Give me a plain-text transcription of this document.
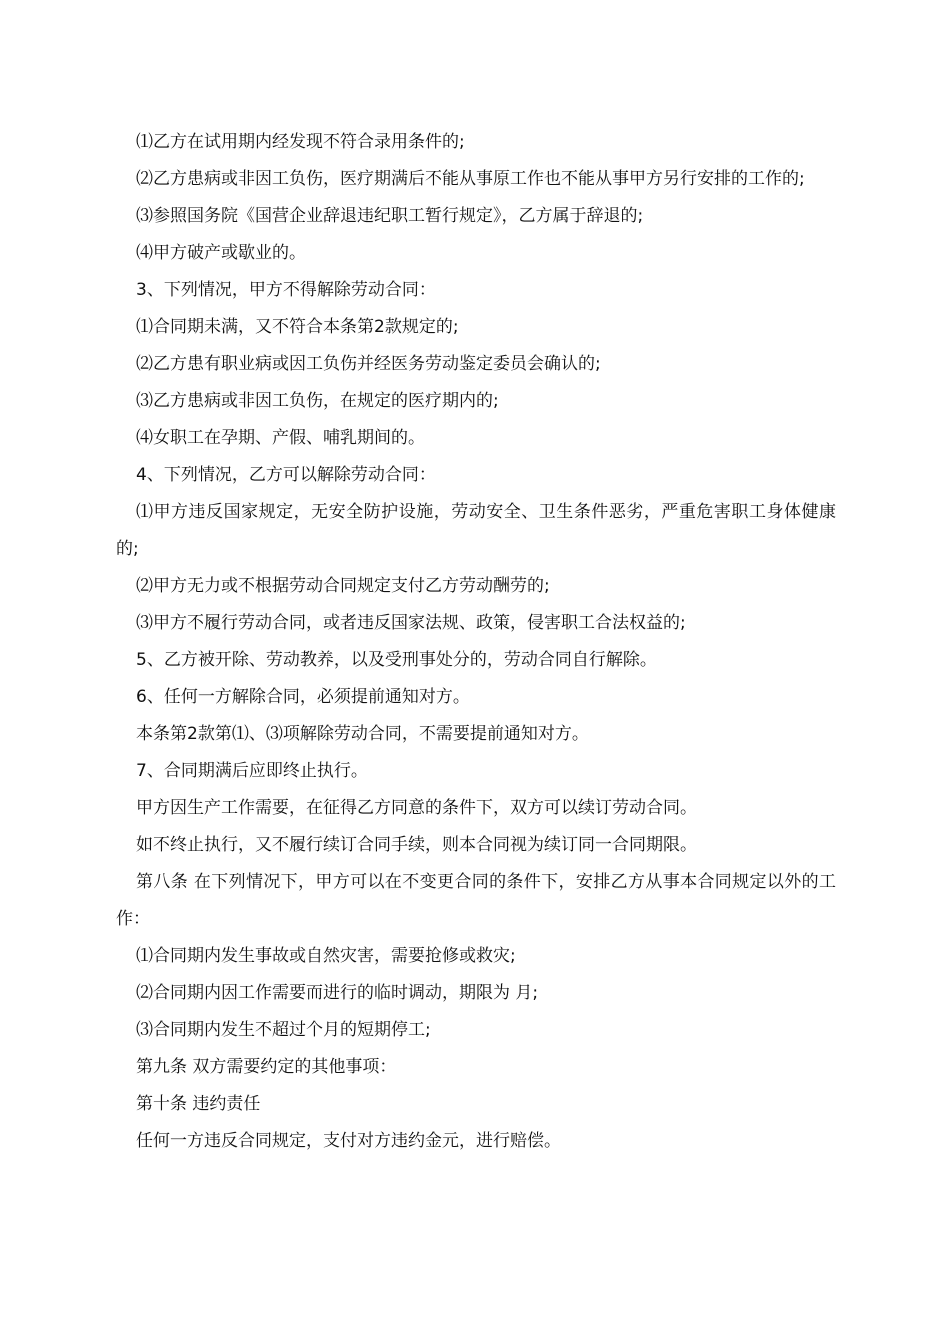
⑴乙方在试用期内经发现不符合录用条件的;

⑵乙方患病或非因工负伤，医疗期满后不能从事原工作也不能从事甲方另行安排的工作的;

⑶参照国务院《国营企业辞退违纪职工暂行规定》，乙方属于辞退的;

⑷甲方破产或歇业的。

3、下列情况，甲方不得解除劳动合同：

⑴合同期未满，又不符合本条第2款规定的;

⑵乙方患有职业病或因工负伤并经医务劳动鉴定委员会确认的;

⑶乙方患病或非因工负伤，在规定的医疗期内的;

⑷女职工在孕期、产假、哺乳期间的。

4、下列情况，乙方可以解除劳动合同：

⑴甲方违反国家规定，无安全防护设施，劳动安全、卫生条件恶劣，严重危害职工身体健康的;

⑵甲方无力或不根据劳动合同规定支付乙方劳动酬劳的;

⑶甲方不履行劳动合同，或者违反国家法规、政策，侵害职工合法权益的;

5、乙方被开除、劳动教养，以及受刑事处分的，劳动合同自行解除。

6、任何一方解除合同，必须提前通知对方。

本条第2款第⑴、⑶项解除劳动合同，不需要提前通知对方。

7、合同期满后应即终止执行。

甲方因生产工作需要，在征得乙方同意的条件下，双方可以续订劳动合同。

如不终止执行，又不履行续订合同手续，则本合同视为续订同一合同期限。

第八条 在下列情况下，甲方可以在不变更合同的条件下，安排乙方从事本合同规定以外的工作：

⑴合同期内发生事故或自然灾害，需要抢修或救灾;

⑵合同期内因工作需要而进行的临时调动，期限为 月;

⑶合同期内发生不超过个月的短期停工;

第九条 双方需要约定的其他事项：

第十条 违约责任

任何一方违反合同规定，支付对方违约金元，进行赔偿。
